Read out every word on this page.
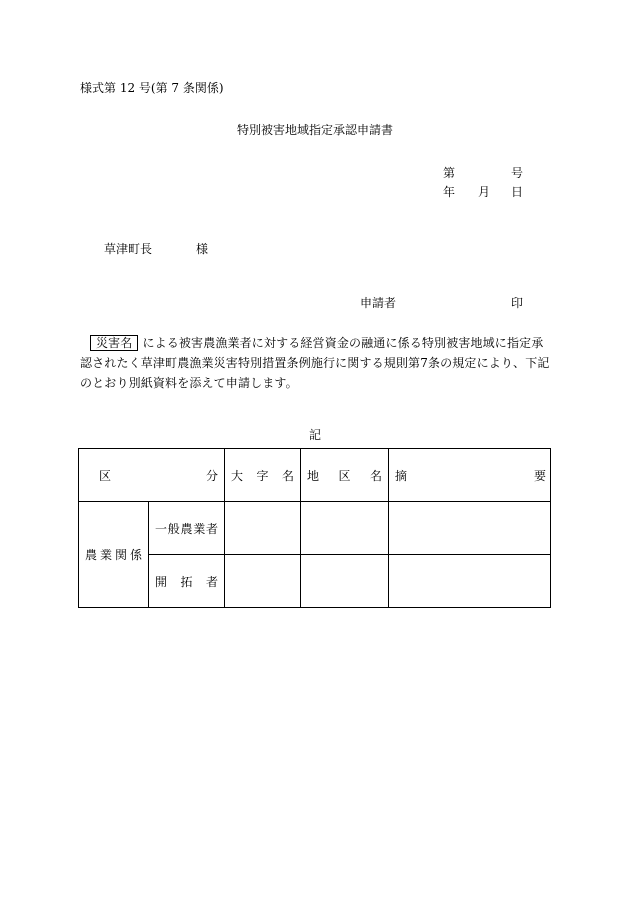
様式第 12 号(第 7 条関係)
特別被害地域指定承認申請書
第	号
年 月 日
草津町長	様
申請者	印
災害名 による被害農漁業者に対する経営資金の融通に係る特別被害地域に指定承認されたく草津町農漁業災害特別措置条例施行に関する規則第7条の規定により、下記のとおり別紙資料を添えて申請します。
記
区 分		大 字 名	地 区 名	摘 要

農 業 関 係	一 般 農 業 者			

	開 拓 者			
